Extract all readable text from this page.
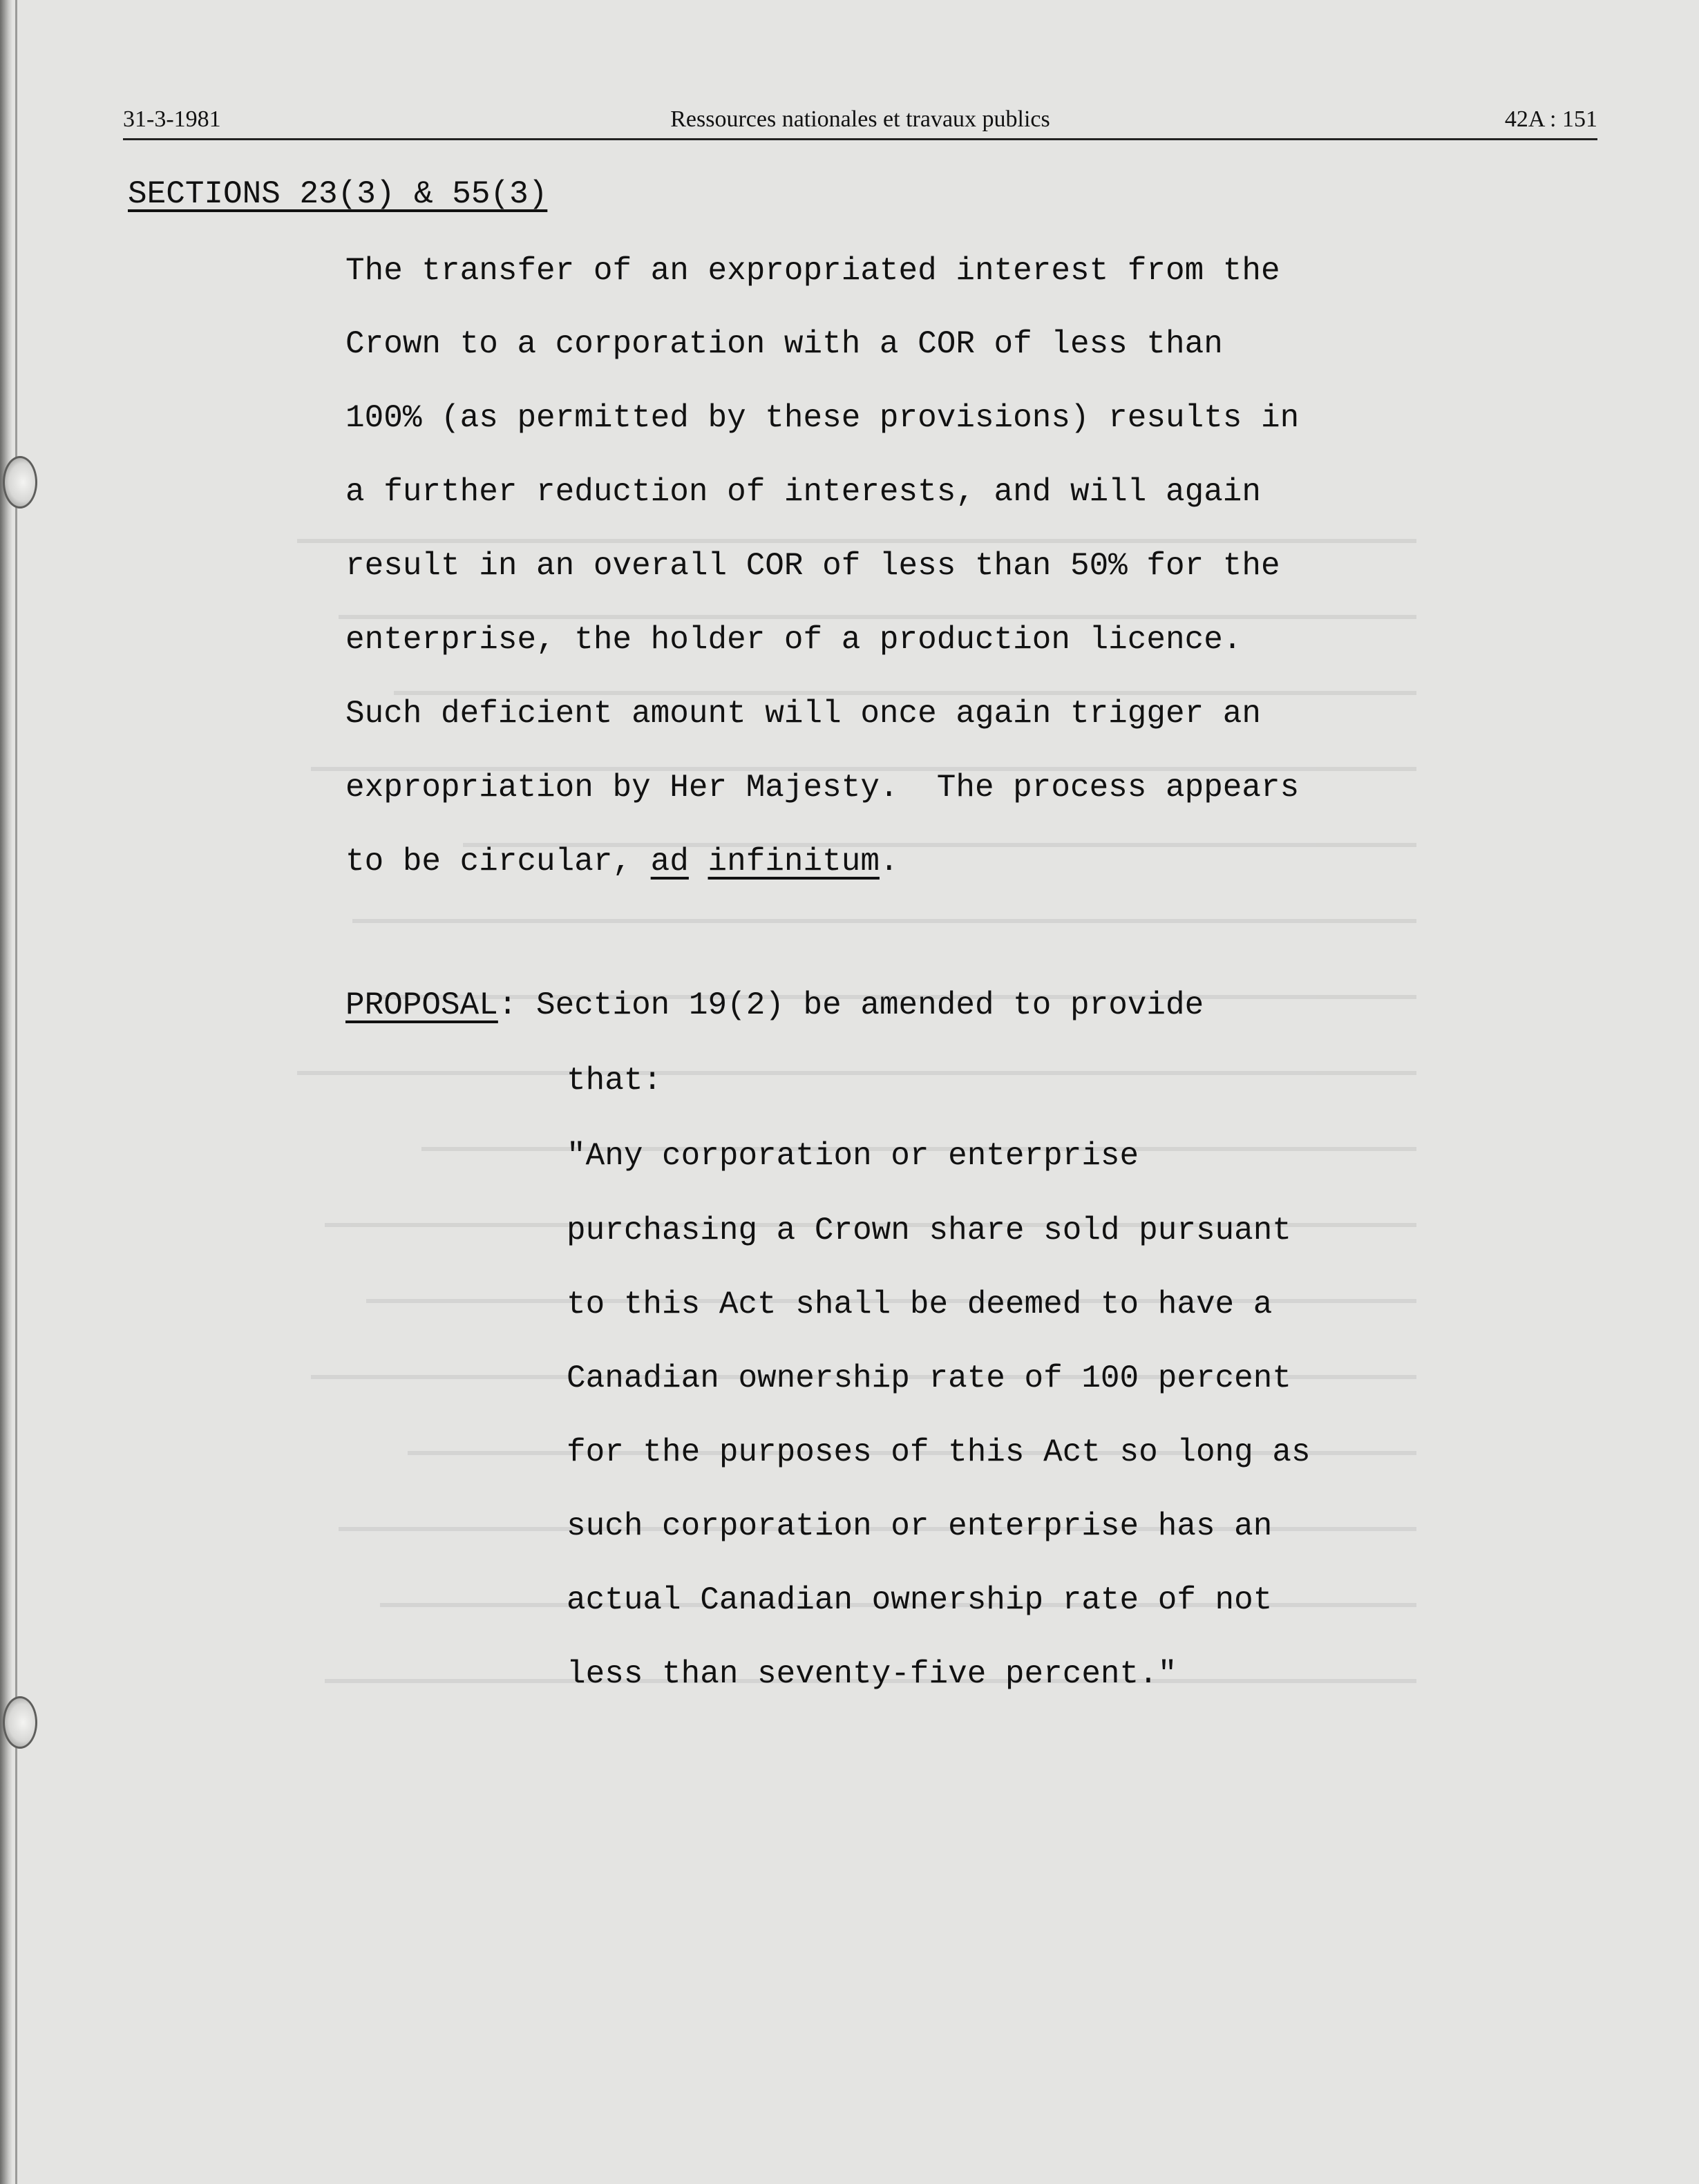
31-3-1981	Ressources nationales et travaux publics	42A : 151
SECTIONS 23(3) & 55(3)
The transfer of an expropriated interest from the
Crown to a corporation with a COR of less than
100% (as permitted by these provisions) results in
a further reduction of interests, and will again
result in an overall COR of less than 50% for the
enterprise, the holder of a production licence.
Such deficient amount will once again trigger an
expropriation by Her Majesty.  The process appears
to be circular, ad infinitum.
PROPOSAL: Section 19(2) be amended to provide
that:
"Any corporation or enterprise
purchasing a Crown share sold pursuant
to this Act shall be deemed to have a
Canadian ownership rate of 100 percent
for the purposes of this Act so long as
such corporation or enterprise has an
actual Canadian ownership rate of not
less than seventy-five percent."
